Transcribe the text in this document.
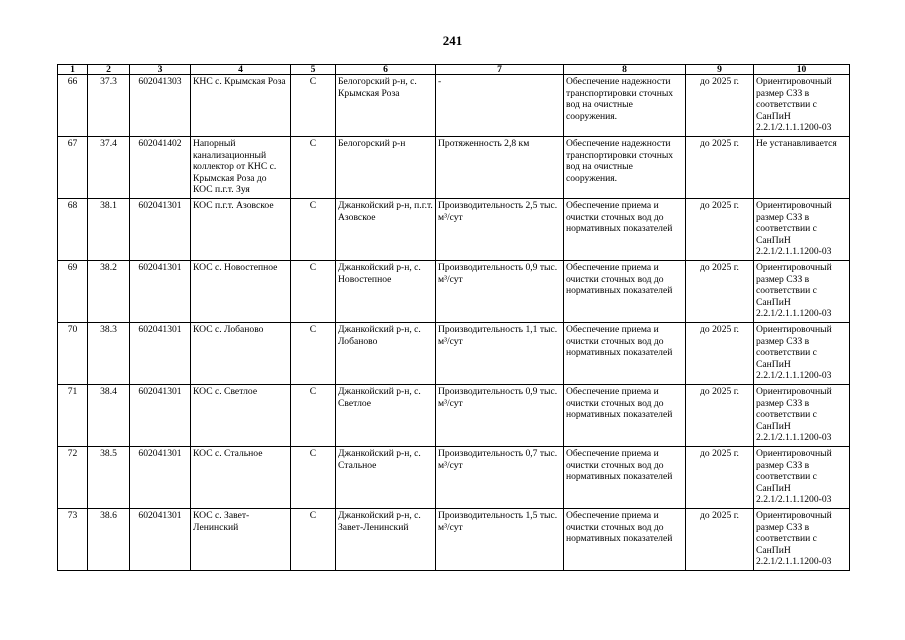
241
1	2	3	4	5	6	7	8	9	10
66	37.3	602041303	КНС с. Крымская Роза	С	Белогорский р-н, с. Крымская Роза	-	Обеспечение надежности транспортировки сточных вод на очистные сооружения.	до 2025 г.	Ориентировочный размер СЗЗ в соответствии с СанПиН 2.2.1/2.1.1.1200-03
67	37.4	602041402	Напорный канализационный коллектор от КНС с. Крымская Роза до КОС п.г.т. Зуя	С	Белогорский р-н	Протяженность 2,8 км	Обеспечение надежности транспортировки сточных вод на очистные сооружения.	до 2025 г.	Не устанавливается
68	38.1	602041301	КОС п.г.т. Азовское	С	Джанкойский р-н, п.г.т. Азовское	Производительность 2,5 тыс. м³/сут	Обеспечение приема и очистки сточных вод до нормативных показателей	до 2025 г.	Ориентировочный размер СЗЗ в соответствии с СанПиН 2.2.1/2.1.1.1200-03
69	38.2	602041301	КОС с. Новостепное	С	Джанкойский р-н, с. Новостепное	Производительность 0,9 тыс. м³/сут	Обеспечение приема и очистки сточных вод до нормативных показателей	до 2025 г.	Ориентировочный размер СЗЗ в соответствии с СанПиН 2.2.1/2.1.1.1200-03
70	38.3	602041301	КОС с. Лобаново	С	Джанкойский р-н, с. Лобаново	Производительность 1,1 тыс. м³/сут	Обеспечение приема и очистки сточных вод до нормативных показателей	до 2025 г.	Ориентировочный размер СЗЗ в соответствии с СанПиН 2.2.1/2.1.1.1200-03
71	38.4	602041301	КОС с. Светлое	С	Джанкойский р-н, с. Светлое	Производительность 0,9 тыс. м³/сут	Обеспечение приема и очистки сточных вод до нормативных показателей	до 2025 г.	Ориентировочный размер СЗЗ в соответствии с СанПиН 2.2.1/2.1.1.1200-03
72	38.5	602041301	КОС с. Стальное	С	Джанкойский р-н, с. Стальное	Производительность 0,7 тыс. м³/сут	Обеспечение приема и очистки сточных вод до нормативных показателей	до 2025 г.	Ориентировочный размер СЗЗ в соответствии с СанПиН 2.2.1/2.1.1.1200-03
73	38.6	602041301	КОС с. Завет-Ленинский	С	Джанкойский р-н, с. Завет-Ленинский	Производительность 1,5 тыс. м³/сут	Обеспечение приема и очистки сточных вод до нормативных показателей	до 2025 г.	Ориентировочный размер СЗЗ в соответствии с СанПиН 2.2.1/2.1.1.1200-03
